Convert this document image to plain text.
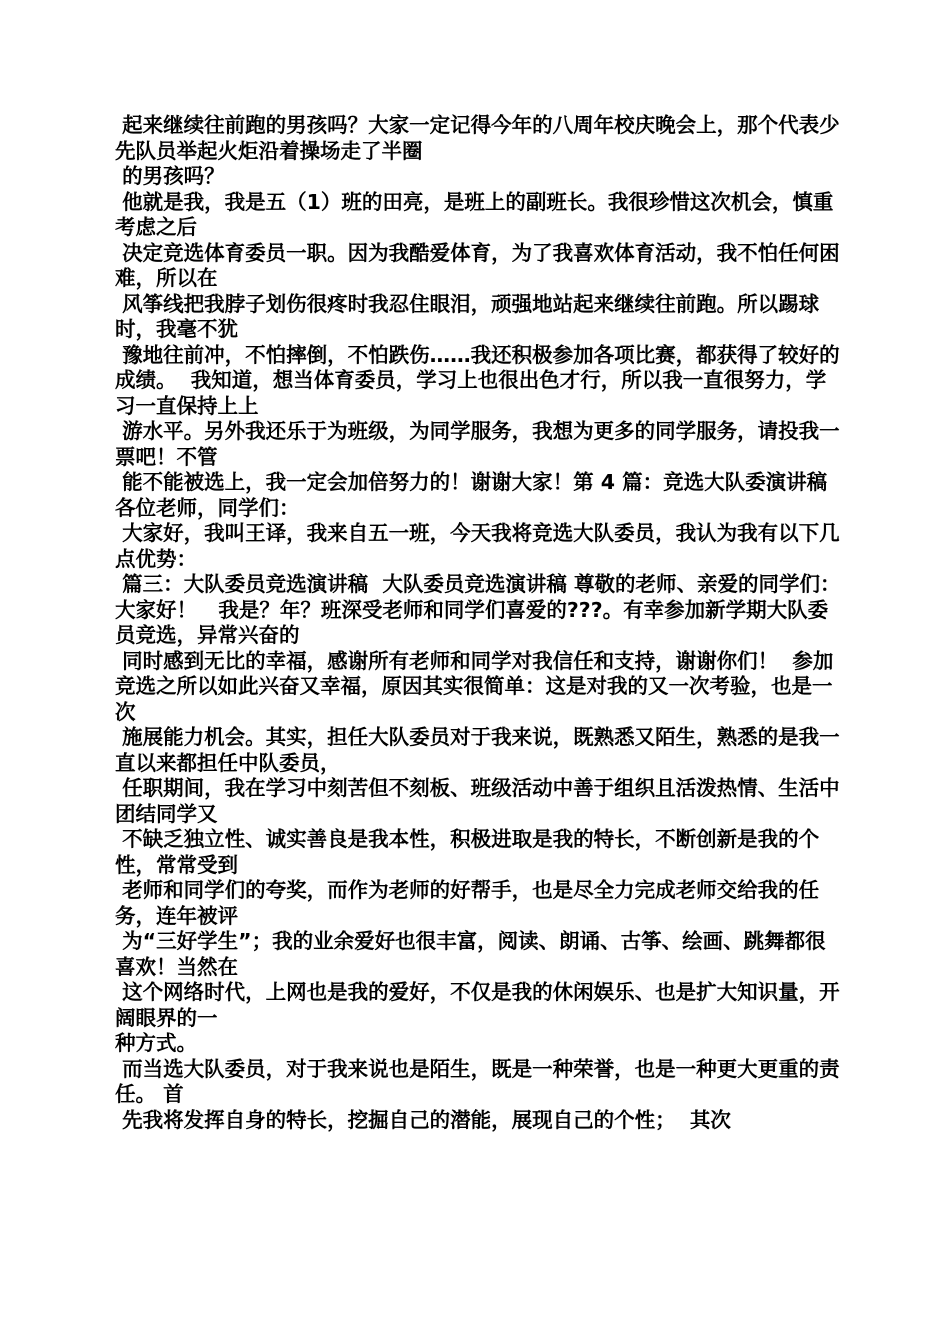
起来继续往前跑的男孩吗？大家一定记得今年的八周年校庆晚会上，那个代表少先队员举起火炬沿着操场走了半圈

的男孩吗？

他就是我，我是五（1）班的田亮，是班上的副班长。我很珍惜这次机会，慎重考虑之后

决定竞选体育委员一职。因为我酷爱体育，为了我喜欢体育活动，我不怕任何困难，所以在

风筝线把我脖子划伤很疼时我忍住眼泪，顽强地站起来继续往前跑。所以踢球时，我毫不犹

豫地往前冲，不怕摔倒，不怕跌伤……我还积极参加各项比赛，都获得了较好的成绩。  我知道，想当体育委员，学习上也很出色才行，所以我一直很努力，学习一直保持上上

游水平。另外我还乐于为班级，为同学服务，我想为更多的同学服务，请投我一票吧！不管

能不能被选上，我一定会加倍努力的！谢谢大家！第 4 篇：竞选大队委演讲稿各位老师，同学们：

大家好，我叫王译，我来自五一班，今天我将竞选大队委员，我认为我有以下几点优势：

篇三：大队委员竞选演讲稿  大队委员竞选演讲稿 尊敬的老师、亲爱的同学们：   大家好！   我是？年？班深受老师和同学们喜爱的???。有幸参加新学期大队委员竞选，异常兴奋的

同时感到无比的幸福，感谢所有老师和同学对我信任和支持，谢谢你们！  参加竞选之所以如此兴奋又幸福，原因其实很简单：这是对我的又一次考验，也是一次

施展能力机会。其实，担任大队委员对于我来说，既熟悉又陌生，熟悉的是我一直以来都担任中队委员，

任职期间，我在学习中刻苦但不刻板、班级活动中善于组织且活泼热情、生活中团结同学又

不缺乏独立性、诚实善良是我本性，积极进取是我的特长，不断创新是我的个性，常常受到

老师和同学们的夸奖，而作为老师的好帮手，也是尽全力完成老师交给我的任务，连年被评

为“三好学生”；我的业余爱好也很丰富，阅读、朗诵、古筝、绘画、跳舞都很喜欢！当然在

这个网络时代，上网也是我的爱好，不仅是我的休闲娱乐、也是扩大知识量，开阔眼界的一

种方式。

而当选大队委员，对于我来说也是陌生，既是一种荣誉，也是一种更大更重的责任。 首

先我将发挥自身的特长，挖掘自己的潜能，展现自己的个性；  其次
